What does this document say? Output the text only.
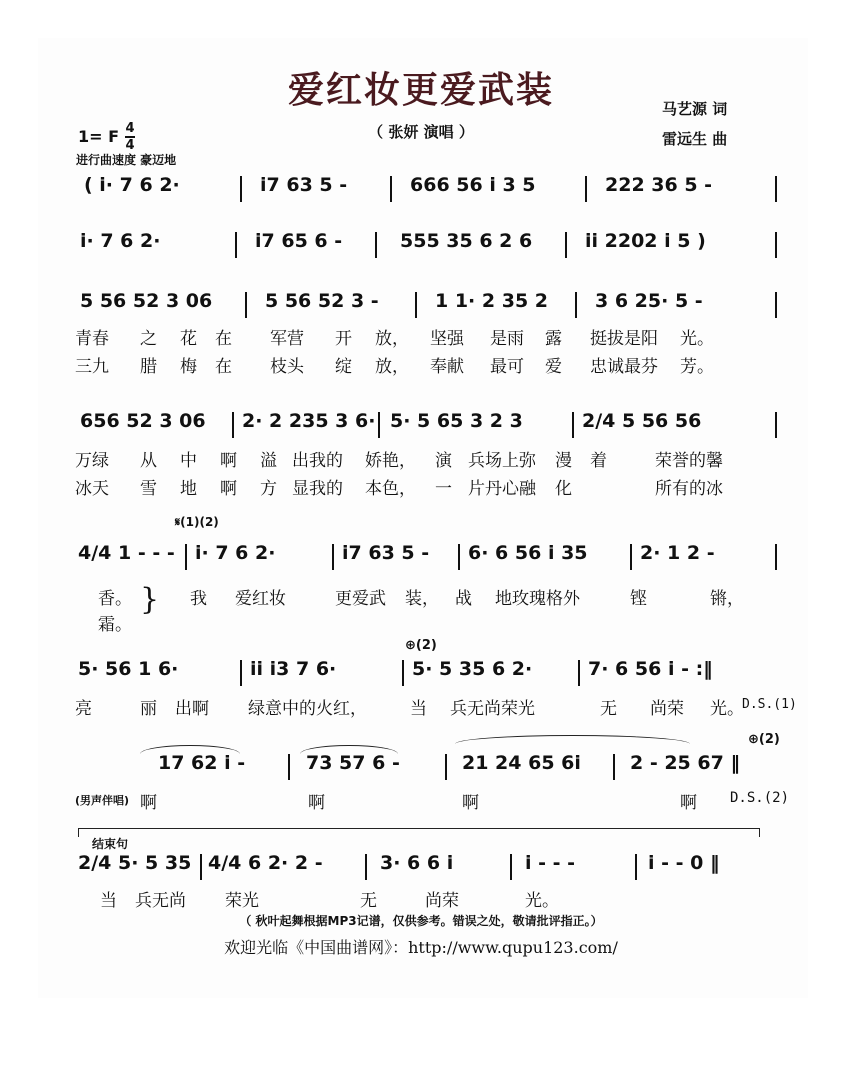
爱红妆更爱武装
（ 张妍 演唱 ）
马艺源 词
雷远生 曲
1= F $\frac{4}{4}$
进行曲速度 豪迈地

( i· 7 6 2·

	i7 63 5 -

	666 56 i 3 5

	222 36 5 -

i· 7 6 2·

	i7 65 6 -

	555 35 6 2 6

	ii 2202 i 5 )

5 56 52 3 06

	5 56 52 3 -

	1 1· 2 35 2

3 6 25· 5 -

青春

之

花

在

军营

开

放，

坚强

是雨

露

挺拔是阳

光。

三九

腊

梅

在

枝头

绽

放，

奉献

最可

爱

忠诚最芬

芳。

656 52 3 06

2· 2 235 3 6·

5· 5 65 3 2 3

	2/4 5 56 56

万绿

从

中

啊

溢

出我的

娇艳，

演

兵场上弥

漫

着

	荣誉的馨

冰天

雪

地

啊

方

显我的

本色，

一

片丹心融

化

	所有的冰

𝄋(1)(2)

4/4 1 - - -

i· 7 6 2·

	i7 63 5 -

6· 6 56 i 35

	2· 1 2 -

香。

霜。

}

我

爱红妆

	更爱武

装，

战

地玫瑰格外

	铿

	锵，

⊕(2)

5· 56 1 6·

	ii i3 7 6·

	5· 5 35 6 2·

	7· 6 56 i - :‖

亮

	丽

出啊

绿意中的火红，

	当

兵无尚荣光

	无

尚荣

光。

D.S.(1)

⊕(2)

17 62 i -

	73 57 6 -

	21 24 65 6i

	2 - 25 67 ‖

(男声伴唱)

啊

	啊

	啊

	啊

D.S.(2)

结束句

2/4 5· 5 35

4/4 6 2· 2 -

	3· 6 6 i

	i - - -

	i - - 0 ‖

当

兵无尚

荣光

	无

	尚荣

	光。

（ 秋叶起舞根据MP3记谱，仅供参考。错误之处，敬请批评指正。）
欢迎光临《中国曲谱网》：http://www.qupu123.com/
